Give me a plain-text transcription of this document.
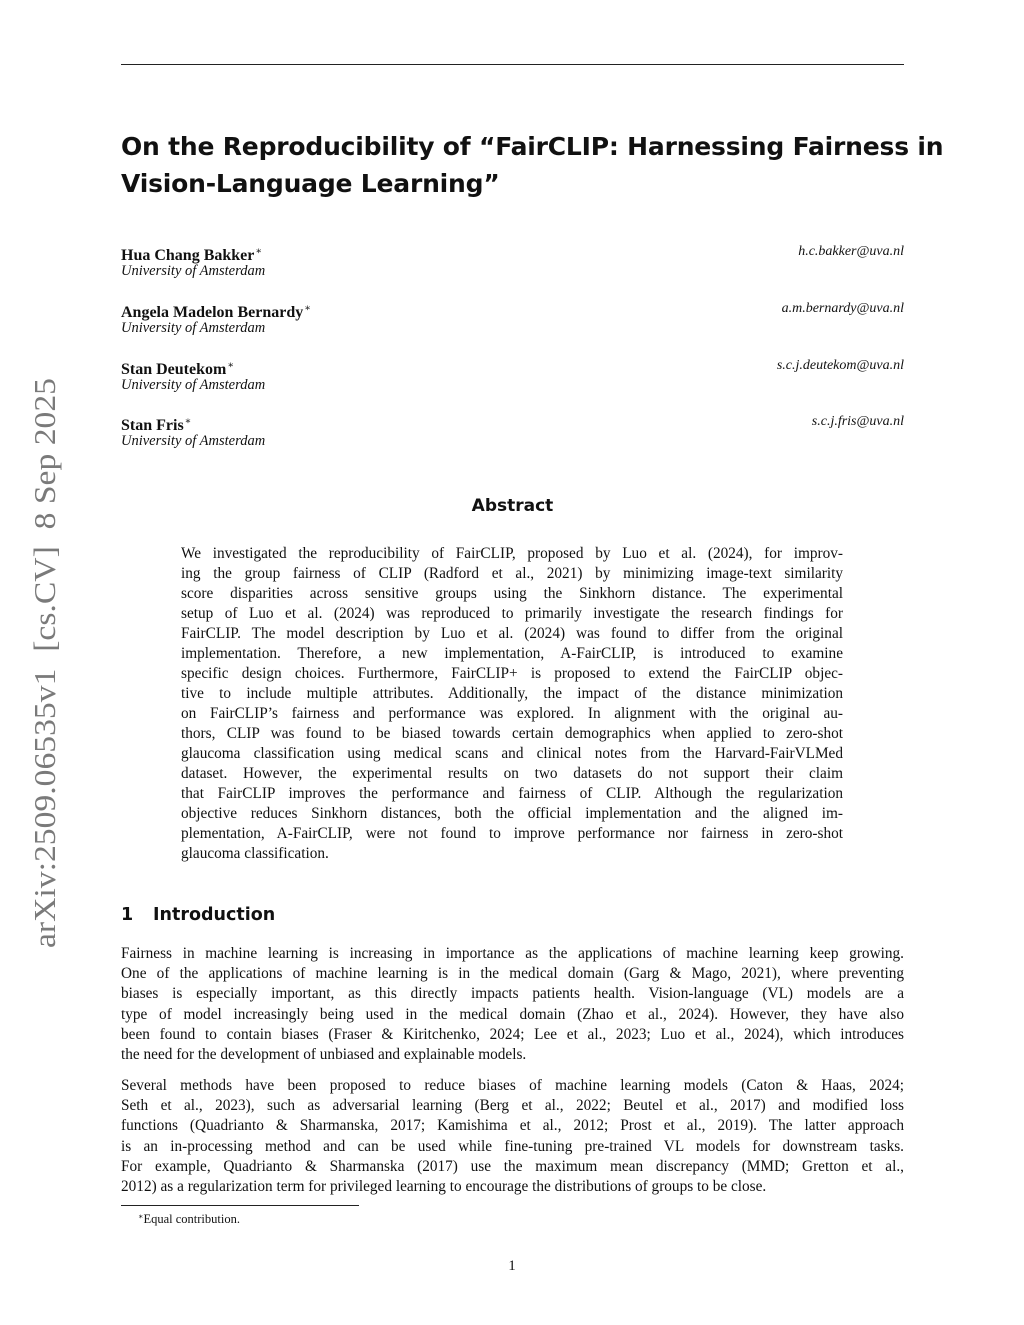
arXiv:2509.06535v1  [cs.CV]  8 Sep 2025
On the Reproducibility of “FairCLIP: Harnessing Fairness in
Vision-Language Learning”
Hua Chang Bakker∗
University of Amsterdam
h.c.bakker@uva.nl
Angela Madelon Bernardy∗
University of Amsterdam
a.m.bernardy@uva.nl
Stan Deutekom∗
University of Amsterdam
s.c.j.deutekom@uva.nl
Stan Fris∗
University of Amsterdam
s.c.j.fris@uva.nl
Abstract
We investigated the reproducibility of FairCLIP, proposed by Luo et al. (2024), for improv-
ing the group fairness of CLIP (Radford et al., 2021) by minimizing image-text similarity
score disparities across sensitive groups using the Sinkhorn distance. The experimental
setup of Luo et al. (2024) was reproduced to primarily investigate the research findings for
FairCLIP. The model description by Luo et al. (2024) was found to differ from the original
implementation. Therefore, a new implementation, A-FairCLIP, is introduced to examine
specific design choices. Furthermore, FairCLIP+ is proposed to extend the FairCLIP objec-
tive to include multiple attributes. Additionally, the impact of the distance minimization
on FairCLIP’s fairness and performance was explored. In alignment with the original au-
thors, CLIP was found to be biased towards certain demographics when applied to zero-shot
glaucoma classification using medical scans and clinical notes from the Harvard-FairVLMed
dataset. However, the experimental results on two datasets do not support their claim
that FairCLIP improves the performance and fairness of CLIP. Although the regularization
objective reduces Sinkhorn distances, both the official implementation and the aligned im-
plementation, A-FairCLIP, were not found to improve performance nor fairness in zero-shot
glaucoma classification.
1 Introduction
Fairness in machine learning is increasing in importance as the applications of machine learning keep growing.
One of the applications of machine learning is in the medical domain (Garg & Mago, 2021), where preventing
biases is especially important, as this directly impacts patients health. Vision-language (VL) models are a
type of model increasingly being used in the medical domain (Zhao et al., 2024). However, they have also
been found to contain biases (Fraser & Kiritchenko, 2024; Lee et al., 2023; Luo et al., 2024), which introduces
the need for the development of unbiased and explainable models.
Several methods have been proposed to reduce biases of machine learning models (Caton & Haas, 2024;
Seth et al., 2023), such as adversarial learning (Berg et al., 2022; Beutel et al., 2017) and modified loss
functions (Quadrianto & Sharmanska, 2017; Kamishima et al., 2012; Prost et al., 2019). The latter approach
is an in-processing method and can be used while fine-tuning pre-trained VL models for downstream tasks.
For example, Quadrianto & Sharmanska (2017) use the maximum mean discrepancy (MMD; Gretton et al.,
2012) as a regularization term for privileged learning to encourage the distributions of groups to be close.
∗Equal contribution.
1
